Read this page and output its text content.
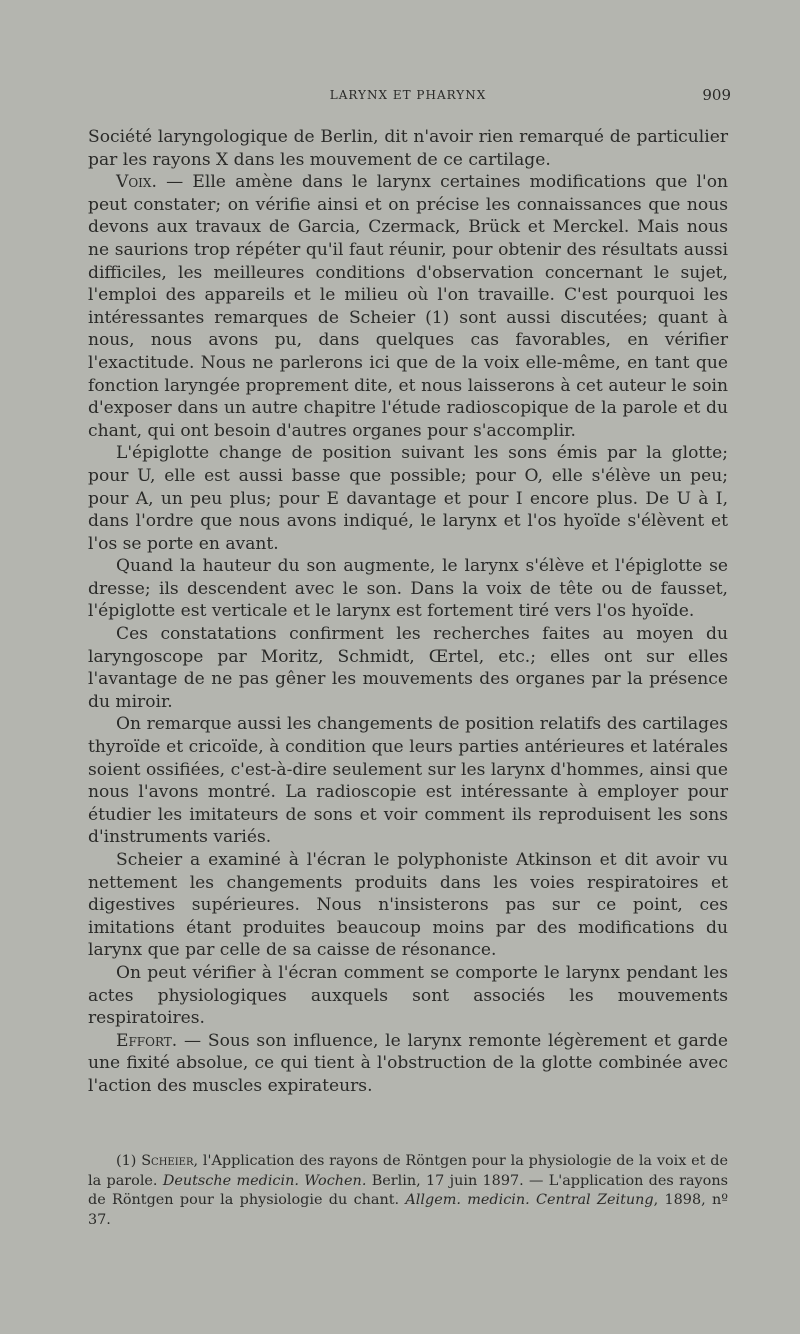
LARYNX ET PHARYNX	909

Société laryngologique de Berlin, dit n'avoir rien remarqué de particulier par les rayons X dans les mouvement de ce cartilage.

Voix. — Elle amène dans le larynx certaines modifications que l'on peut constater; on vérifie ainsi et on précise les connaissances que nous devons aux travaux de Garcia, Czermack, Brück et Merckel. Mais nous ne saurions trop répéter qu'il faut réunir, pour obtenir des résultats aussi difficiles, les meilleures conditions d'observation concernant le sujet, l'emploi des appareils et le milieu où l'on travaille. C'est pourquoi les intéressantes remarques de Scheier (1) sont aussi discutées; quant à nous, nous avons pu, dans quelques cas favorables, en vérifier l'exactitude. Nous ne parlerons ici que de la voix elle-même, en tant que fonction laryngée proprement dite, et nous laisserons à cet auteur le soin d'exposer dans un autre chapitre l'étude radioscopique de la parole et du chant, qui ont besoin d'autres organes pour s'accomplir.

L'épiglotte change de position suivant les sons émis par la glotte; pour U, elle est aussi basse que possible; pour O, elle s'élève un peu; pour A, un peu plus; pour E davantage et pour I encore plus. De U à I, dans l'ordre que nous avons indiqué, le larynx et l'os hyoïde s'élèvent et l'os se porte en avant.

Quand la hauteur du son augmente, le larynx s'élève et l'épiglotte se dresse; ils descendent avec le son. Dans la voix de tête ou de fausset, l'épiglotte est verticale et le larynx est fortement tiré vers l'os hyoïde.

Ces constatations confirment les recherches faites au moyen du laryngoscope par Moritz, Schmidt, Œrtel, etc.; elles ont sur elles l'avantage de ne pas gêner les mouvements des organes par la présence du miroir.

On remarque aussi les changements de position relatifs des cartilages thyroïde et cricoïde, à condition que leurs parties antérieures et latérales soient ossifiées, c'est-à-dire seulement sur les larynx d'hommes, ainsi que nous l'avons montré. La radioscopie est intéressante à employer pour étudier les imitateurs de sons et voir comment ils reproduisent les sons d'instruments variés.

Scheier a examiné à l'écran le polyphoniste Atkinson et dit avoir vu nettement les changements produits dans les voies respiratoires et digestives supérieures. Nous n'insisterons pas sur ce point, ces imitations étant produites beaucoup moins par des modifications du larynx que par celle de sa caisse de résonance.

On peut vérifier à l'écran comment se comporte le larynx pendant les actes physiologiques auxquels sont associés les mouvements respiratoires.

Effort. — Sous son influence, le larynx remonte légèrement et garde une fixité absolue, ce qui tient à l'obstruction de la glotte combinée avec l'action des muscles expirateurs.

(1) Scheier, l'Application des rayons de Röntgen pour la physiologie de la voix et de la parole. Deutsche medicin. Wochen. Berlin, 17 juin 1897. — L'application des rayons de Röntgen pour la physiologie du chant. Allgem. medicin. Central Zeitung, 1898, nº 37.
